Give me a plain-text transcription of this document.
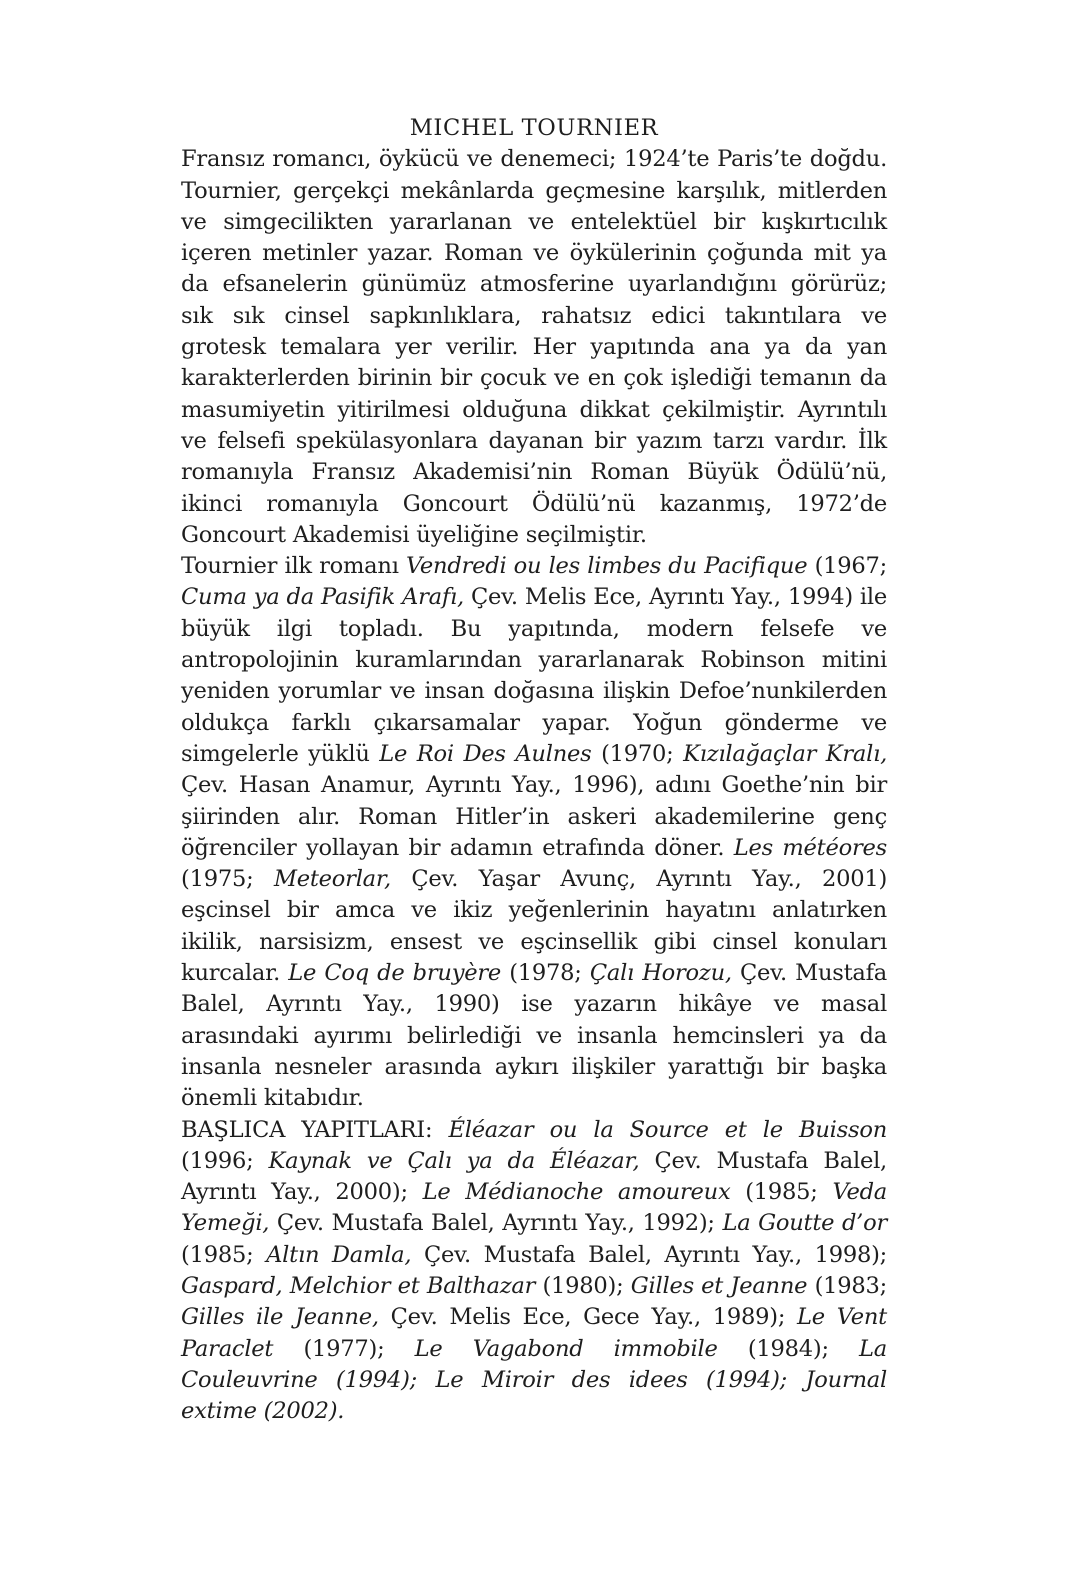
MICHEL TOURNIER

Fransız romancı, öykücü ve denemeci; 1924’te Paris’te doğdu. Tournier, gerçekçi mekânlarda geçmesine karşılık, mitlerden ve simgecilikten yararlanan ve entelektüel bir kışkırtıcılık içeren metinler yazar. Roman ve öykülerinin çoğunda mit ya da efsanelerin günümüz atmosferine uyarlandığını görürüz; sık sık cinsel sapkınlıklara, rahatsız edici takıntılara ve grotesk temalara yer verilir. Her yapıtında ana ya da yan karakterlerden birinin bir çocuk ve en çok işlediği temanın da masumiyetin yitirilmesi olduğuna dikkat çekilmiştir. Ayrıntılı ve felsefi spekülasyonlara dayanan bir yazım tarzı vardır. İlk romanıyla Fransız Akademisi’nin Roman Büyük Ödülü’nü, ikinci romanıyla Goncourt Ödülü’nü kazanmış, 1972’de Goncourt Akademisi üyeliğine seçilmiştir.

Tournier ilk romanı Vendredi ou les limbes du Pacifique (1967; Cuma ya da Pasifik Arafı, Çev. Melis Ece, Ayrıntı Yay., 1994) ile büyük ilgi topladı. Bu yapıtında, modern felsefe ve antropolojinin kuramlarından yararlanarak Robinson mitini yeniden yorumlar ve insan doğasına ilişkin Defoe’nunkilerden oldukça farklı çıkarsamalar yapar. Yoğun gönderme ve simgelerle yüklü Le Roi Des Aulnes (1970; Kızılağaçlar Kralı, Çev. Hasan Anamur, Ayrıntı Yay., 1996), adını Goethe’nin bir şiirinden alır. Roman Hitler’in askeri akademilerine genç öğrenciler yollayan bir adamın etrafında döner. Les météores (1975; Meteorlar, Çev. Yaşar Avunç, Ayrıntı Yay., 2001) eşcinsel bir amca ve ikiz yeğenlerinin hayatını anlatırken ikilik, narsisizm, ensest ve eşcinsellik gibi cinsel konuları kurcalar. Le Coq de bruyère (1978; Çalı Horozu, Çev. Mustafa Balel, Ayrıntı Yay., 1990) ise yazarın hikâye ve masal arasındaki ayırımı belirlediği ve insanla hemcinsleri ya da insanla nesneler arasında aykırı ilişkiler yarattığı bir başka önemli kitabıdır.

BAŞLICA YAPITLARI: Éléazar ou la Source et le Buisson (1996; Kaynak ve Çalı ya da Éléazar, Çev. Mustafa Balel, Ayrıntı Yay., 2000); Le Médianoche amoureux (1985; Veda Yemeği, Çev. Mustafa Balel, Ayrıntı Yay., 1992); La Goutte d’or (1985; Altın Damla, Çev. Mustafa Balel, Ayrıntı Yay., 1998); Gaspard, Melchior et Balthazar (1980); Gilles et Jeanne (1983; Gilles ile Jeanne, Çev. Melis Ece, Gece Yay., 1989); Le Vent Paraclet (1977); Le Vagabond immobile (1984); La Couleuvrine (1994); Le Miroir des idees (1994); Journal extime (2002).
